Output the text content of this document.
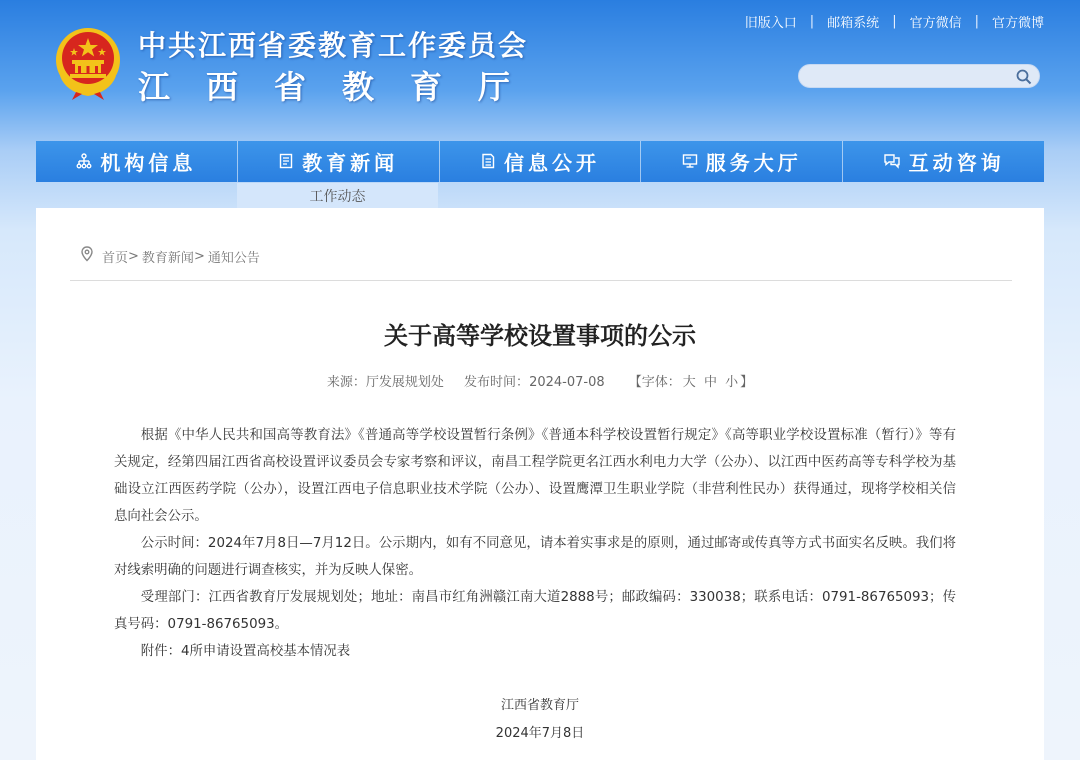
中共江西省委教育工作委员会
江西省教育厅
旧版入口 | 邮箱系统 | 官方微信 | 官方微博
机构信息	教育新闻	信息公开	服务大厅	互动咨询
工作动态
首页 > 教育新闻 > 通知公告
关于高等学校设置事项的公示
来源：厅发展规划处 发布时间：2024-07-08 【字体： 大 中 小 】

根据《中华人民共和国高等教育法》《普通高等学校设置暂行条例》《普通本科学校设置暂行规定》《高等职业学校设置标准（暂行）》等有关规定，经第四届江西省高校设置评议委员会专家考察和评议，南昌工程学院更名江西水利电力大学（公办）、以江西中医药高等专科学校为基础设立江西医药学院（公办），设置江西电子信息职业技术学院（公办）、设置鹰潭卫生职业学院（非营利性民办）获得通过，现将学校相关信息向社会公示。

公示时间：2024年7月8日—7月12日。公示期内，如有不同意见，请本着实事求是的原则，通过邮寄或传真等方式书面实名反映。我们将对线索明确的问题进行调查核实，并为反映人保密。

受理部门：江西省教育厅发展规划处；地址：南昌市红角洲赣江南大道2888号；邮政编码：330038；联系电话：0791-86765093；传真号码：0791-86765093。

附件：4所申请设置高校基本情况表

江西省教育厅
2024年7月8日
